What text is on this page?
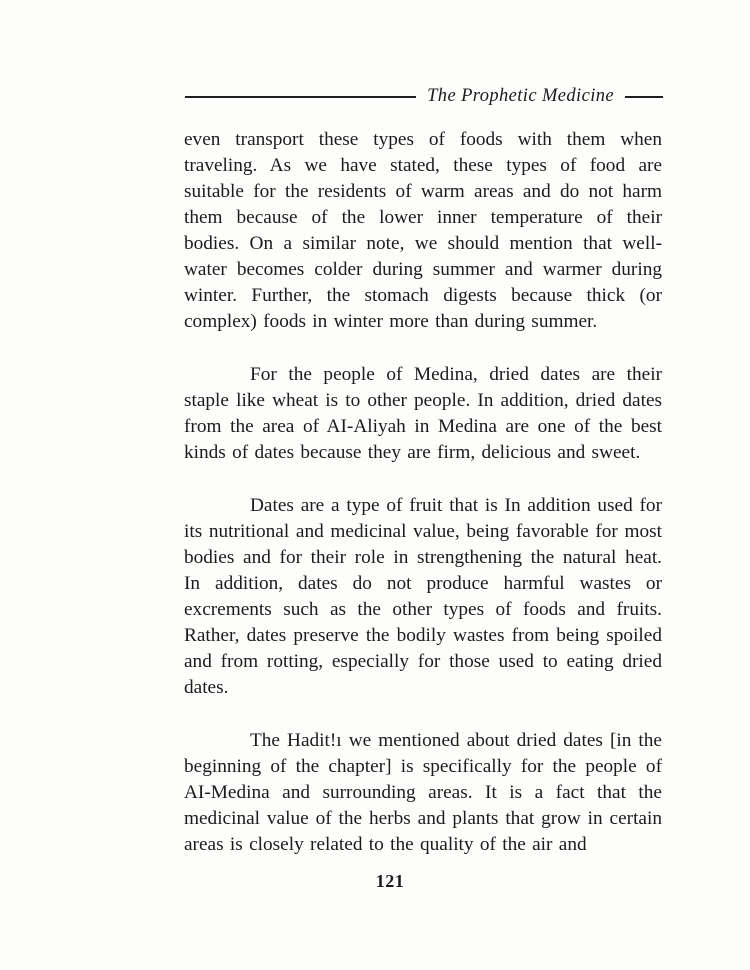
The Prophetic Medicine

even transport these types of foods with them when traveling. As we have stated, these types of food are suitable for the residents of warm areas and do not harm them because of the lower inner temperature of their bodies. On a similar note, we should mention that well-water becomes colder during summer and warmer during winter. Further, the stomach digests because thick (or complex) foods in winter more than during summer.

For the people of Medina, dried dates are their staple like wheat is to other people. In addition, dried dates from the area of AI-Aliyah in Medina are one of the best kinds of dates because they are firm, delicious and sweet.

Dates are a type of fruit that is In addition used for its nutritional and medicinal value, being favorable for most bodies and for their role in strengthening the natural heat. In addition, dates do not produce harmful wastes or excrements such as the other types of foods and fruits. Rather, dates preserve the bodily wastes from being spoiled and from rotting, especially for those used to eating dried dates.

The Hadit!ı we mentioned about dried dates [in the beginning of the chapter] is specifically for the people of AI-Medina and surrounding areas. It is a fact that the medicinal value of the herbs and plants that grow in certain areas is closely related to the quality of the air and

121
